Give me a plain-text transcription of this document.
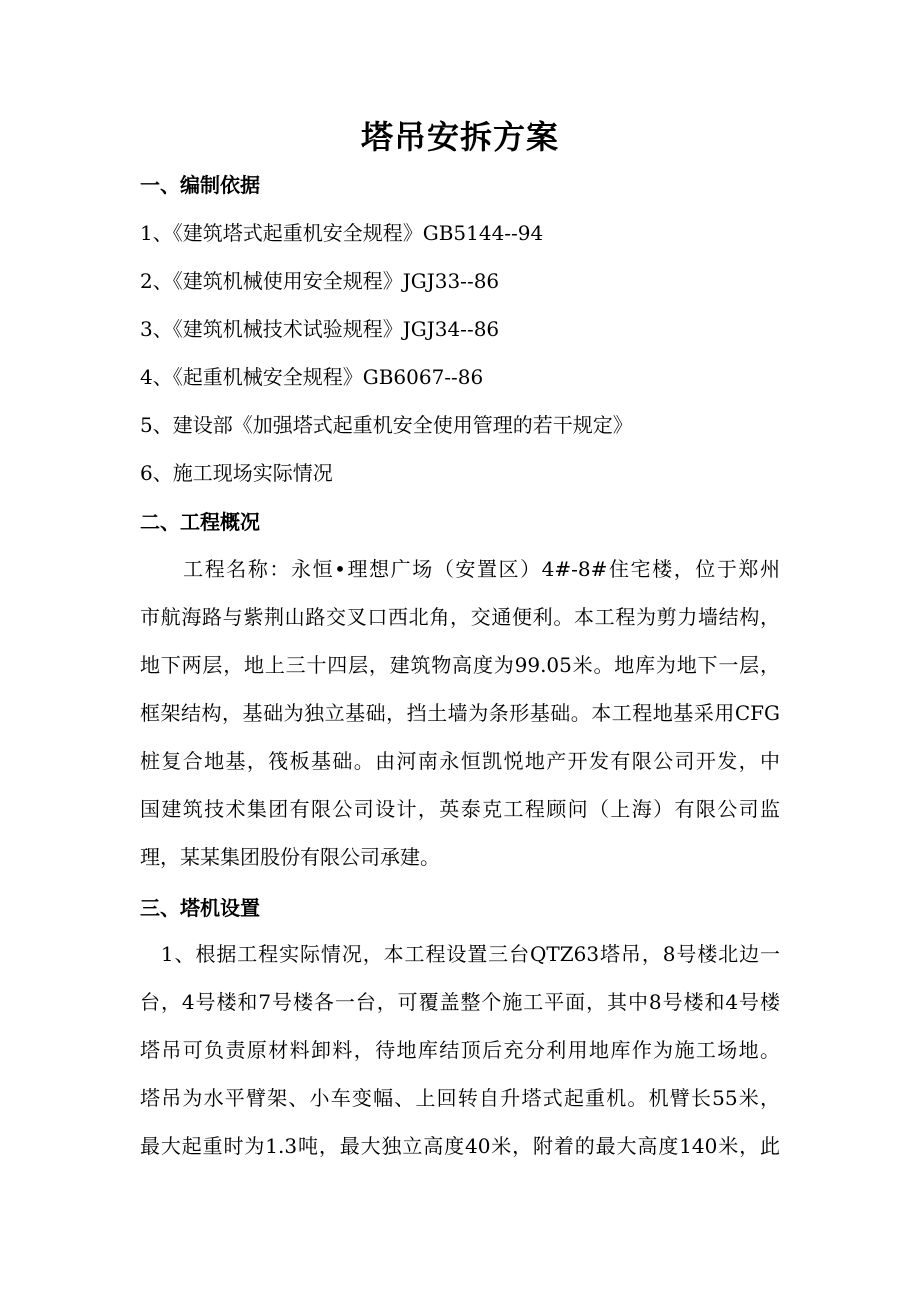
塔吊安拆方案
一、编制依据
1、《建筑塔式起重机安全规程》GB5144--94
2、《建筑机械使用安全规程》JGJ33--86
3、《建筑机械技术试验规程》JGJ34--86
4、《起重机械安全规程》GB6067--86
5、建设部《加强塔式起重机安全使用管理的若干规定》
6、施工现场实际情况
二、工程概况
　　工程名称：永恒•理想广场（安置区）4#-8#住宅楼，位于郑州
市航海路与紫荆山路交叉口西北角，交通便利。本工程为剪力墙结构，
地下两层，地上三十四层，建筑物高度为99.05米。地库为地下一层，
框架结构，基础为独立基础，挡土墙为条形基础。本工程地基采用CFG
桩复合地基，筏板基础。由河南永恒凯悦地产开发有限公司开发，中
国建筑技术集团有限公司设计，英泰克工程顾问（上海）有限公司监
理，某某集团股份有限公司承建。
三、塔机设置
　1、根据工程实际情况，本工程设置三台QTZ63塔吊，8号楼北边一
台，4号楼和7号楼各一台，可覆盖整个施工平面，其中8号楼和4号楼
塔吊可负责原材料卸料，待地库结顶后充分利用地库作为施工场地。
塔吊为水平臂架、小车变幅、上回转自升塔式起重机。机臂长55米，
最大起重时为1.3吨，最大独立高度40米，附着的最大高度140米，此
